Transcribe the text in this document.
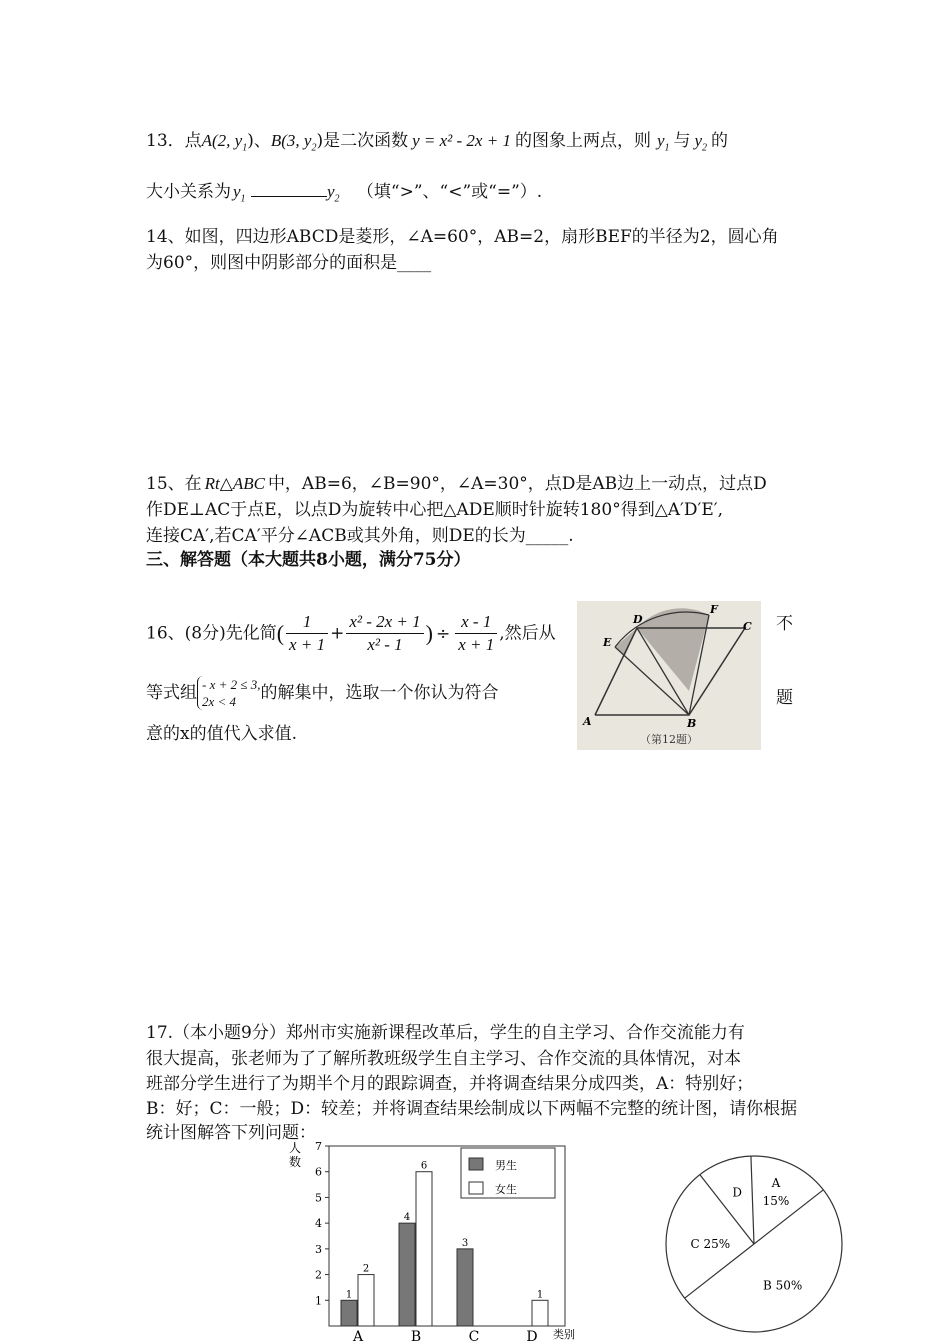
13．点A(2, $y_1$)、B(3, $y_2$)是二次函数 y = x² - 2x + 1 的图象上两点，则 $y_1$ 与 $y_2$ 的
大小关系为 $y_1$	$y_2$ （填“>”、“<”或“=”）.
14、如图，四边形ABCD是菱形，∠A=60°，AB=2，扇形BEF的半径为2，圆心角
为60°，则图中阴影部分的面积是____
15、在 Rt△ABC 中，AB=6，∠B=90°，∠A=30°，点D是AB边上一动点，过点D
作DE⊥AC于点E，以点D为旋转中心把△ADE顺时针旋转180°得到△A′D′E′,
连接CA′,若CA′平分∠ACB或其外角，则DE的长为_____.
三、解答题（本大题共8小题，满分75分）
16、(8分)先化简( $\frac{1}{x + 1} + \frac{\text{x² - 2x + 1}}{\text{x² - 1}}$ ) ÷ $\frac{x - 1}{x + 1}$ ,然后从	不
等式组 - x + 2 ≤ 3,
2x < 4	的解集中，选取一个你认为符合	题
意的x的值代入求值.
D
F
C
E
A	B
（第12题）
17.（本小题9分）郑州市实施新课程改革后，学生的自主学习、合作交流能力有
很大提高，张老师为了了解所教班级学生自主学习、合作交流的具体情况，对本
班部分学生进行了为期半个月的跟踪调查，并将调查结果分成四类，A：特别好；
B：好；C：一般；D：较差；并将调查结果绘制成以下两幅不完整的统计图，请你根据
统计图解答下列问题：
1
2
3
4
5
6
7
人数
类别
1
2
A
4
6
B
3
C
1
D
男生
女生	A
15%
B 50%
C 25%
D
